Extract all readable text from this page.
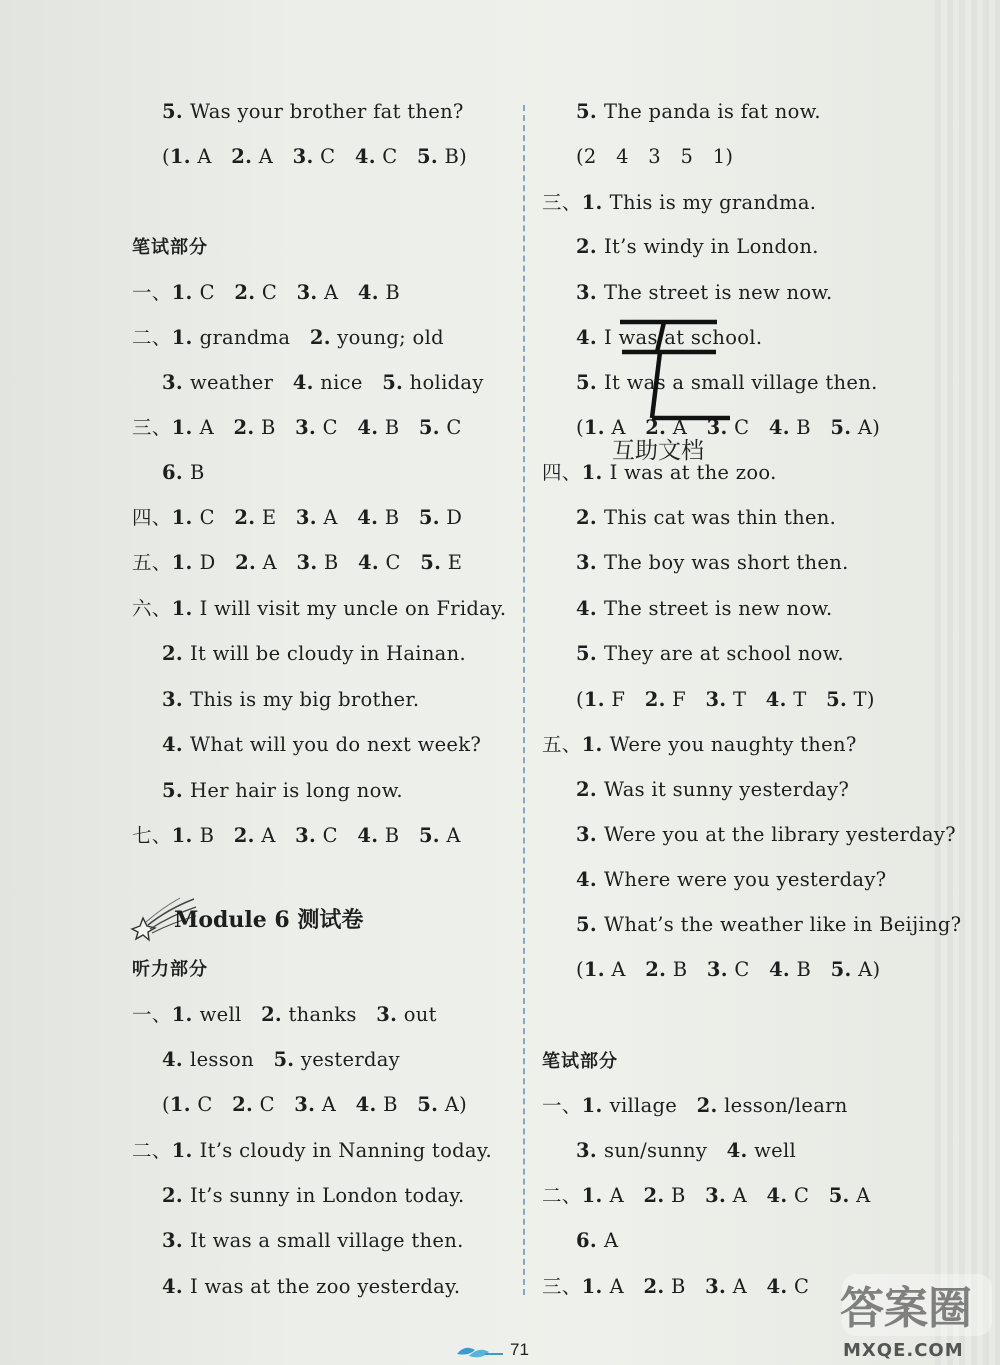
5. Was your brother fat then?
(1. A   2. A   3. C   4. C   5. B)
笔试部分
一、1. C   2. C   3. A   4. B
二、1. grandma   2. young; old
3. weather   4. nice   5. holiday
三、1. A   2. B   3. C   4. B   5. C
6. B
四、1. C   2. E   3. A   4. B   5. D
五、1. D   2. A   3. B   4. C   5. E
六、1. I will visit my uncle on Friday.
2. It will be cloudy in Hainan.
3. This is my big brother.
4. What will you do next week?
5. Her hair is long now.
七、1. B   2. A   3. C   4. B   5. A
听力部分
一、1. well   2. thanks   3. out
4. lesson   5. yesterday
(1. C   2. C   3. A   4. B   5. A)
二、1. It’s cloudy in Nanning today.
2. It’s sunny in London today.
3. It was a small village then.
4. I was at the zoo yesterday.
5. The panda is fat now.
(2   4   3   5   1)
三、1. This is my grandma.
2. It’s windy in London.
3. The street is new now.
4. I was at school.
5. It was a small village then.
(1. A   2. A   3. C   4. B   5. A)
四、1. I was at the zoo.
2. This cat was thin then.
3. The boy was short then.
4. The street is new now.
5. They are at school now.
(1. F   2. F   3. T   4. T   5. T)
五、1. Were you naughty then?
2. Was it sunny yesterday?
3. Were you at the library yesterday?
4. Where were you yesterday?
5. What’s the weather like in Beijing?
(1. A   2. B   3. C   4. B   5. A)
笔试部分
一、1. village   2. lesson/learn
3. sun/sunny   4. well
二、1. A   2. B   3. A   4. C   5. A
6. A
三、1. A   2. B   3. A   4. C
Module 6 测试卷
互助文档
71
答案圈
MXQE.COM
